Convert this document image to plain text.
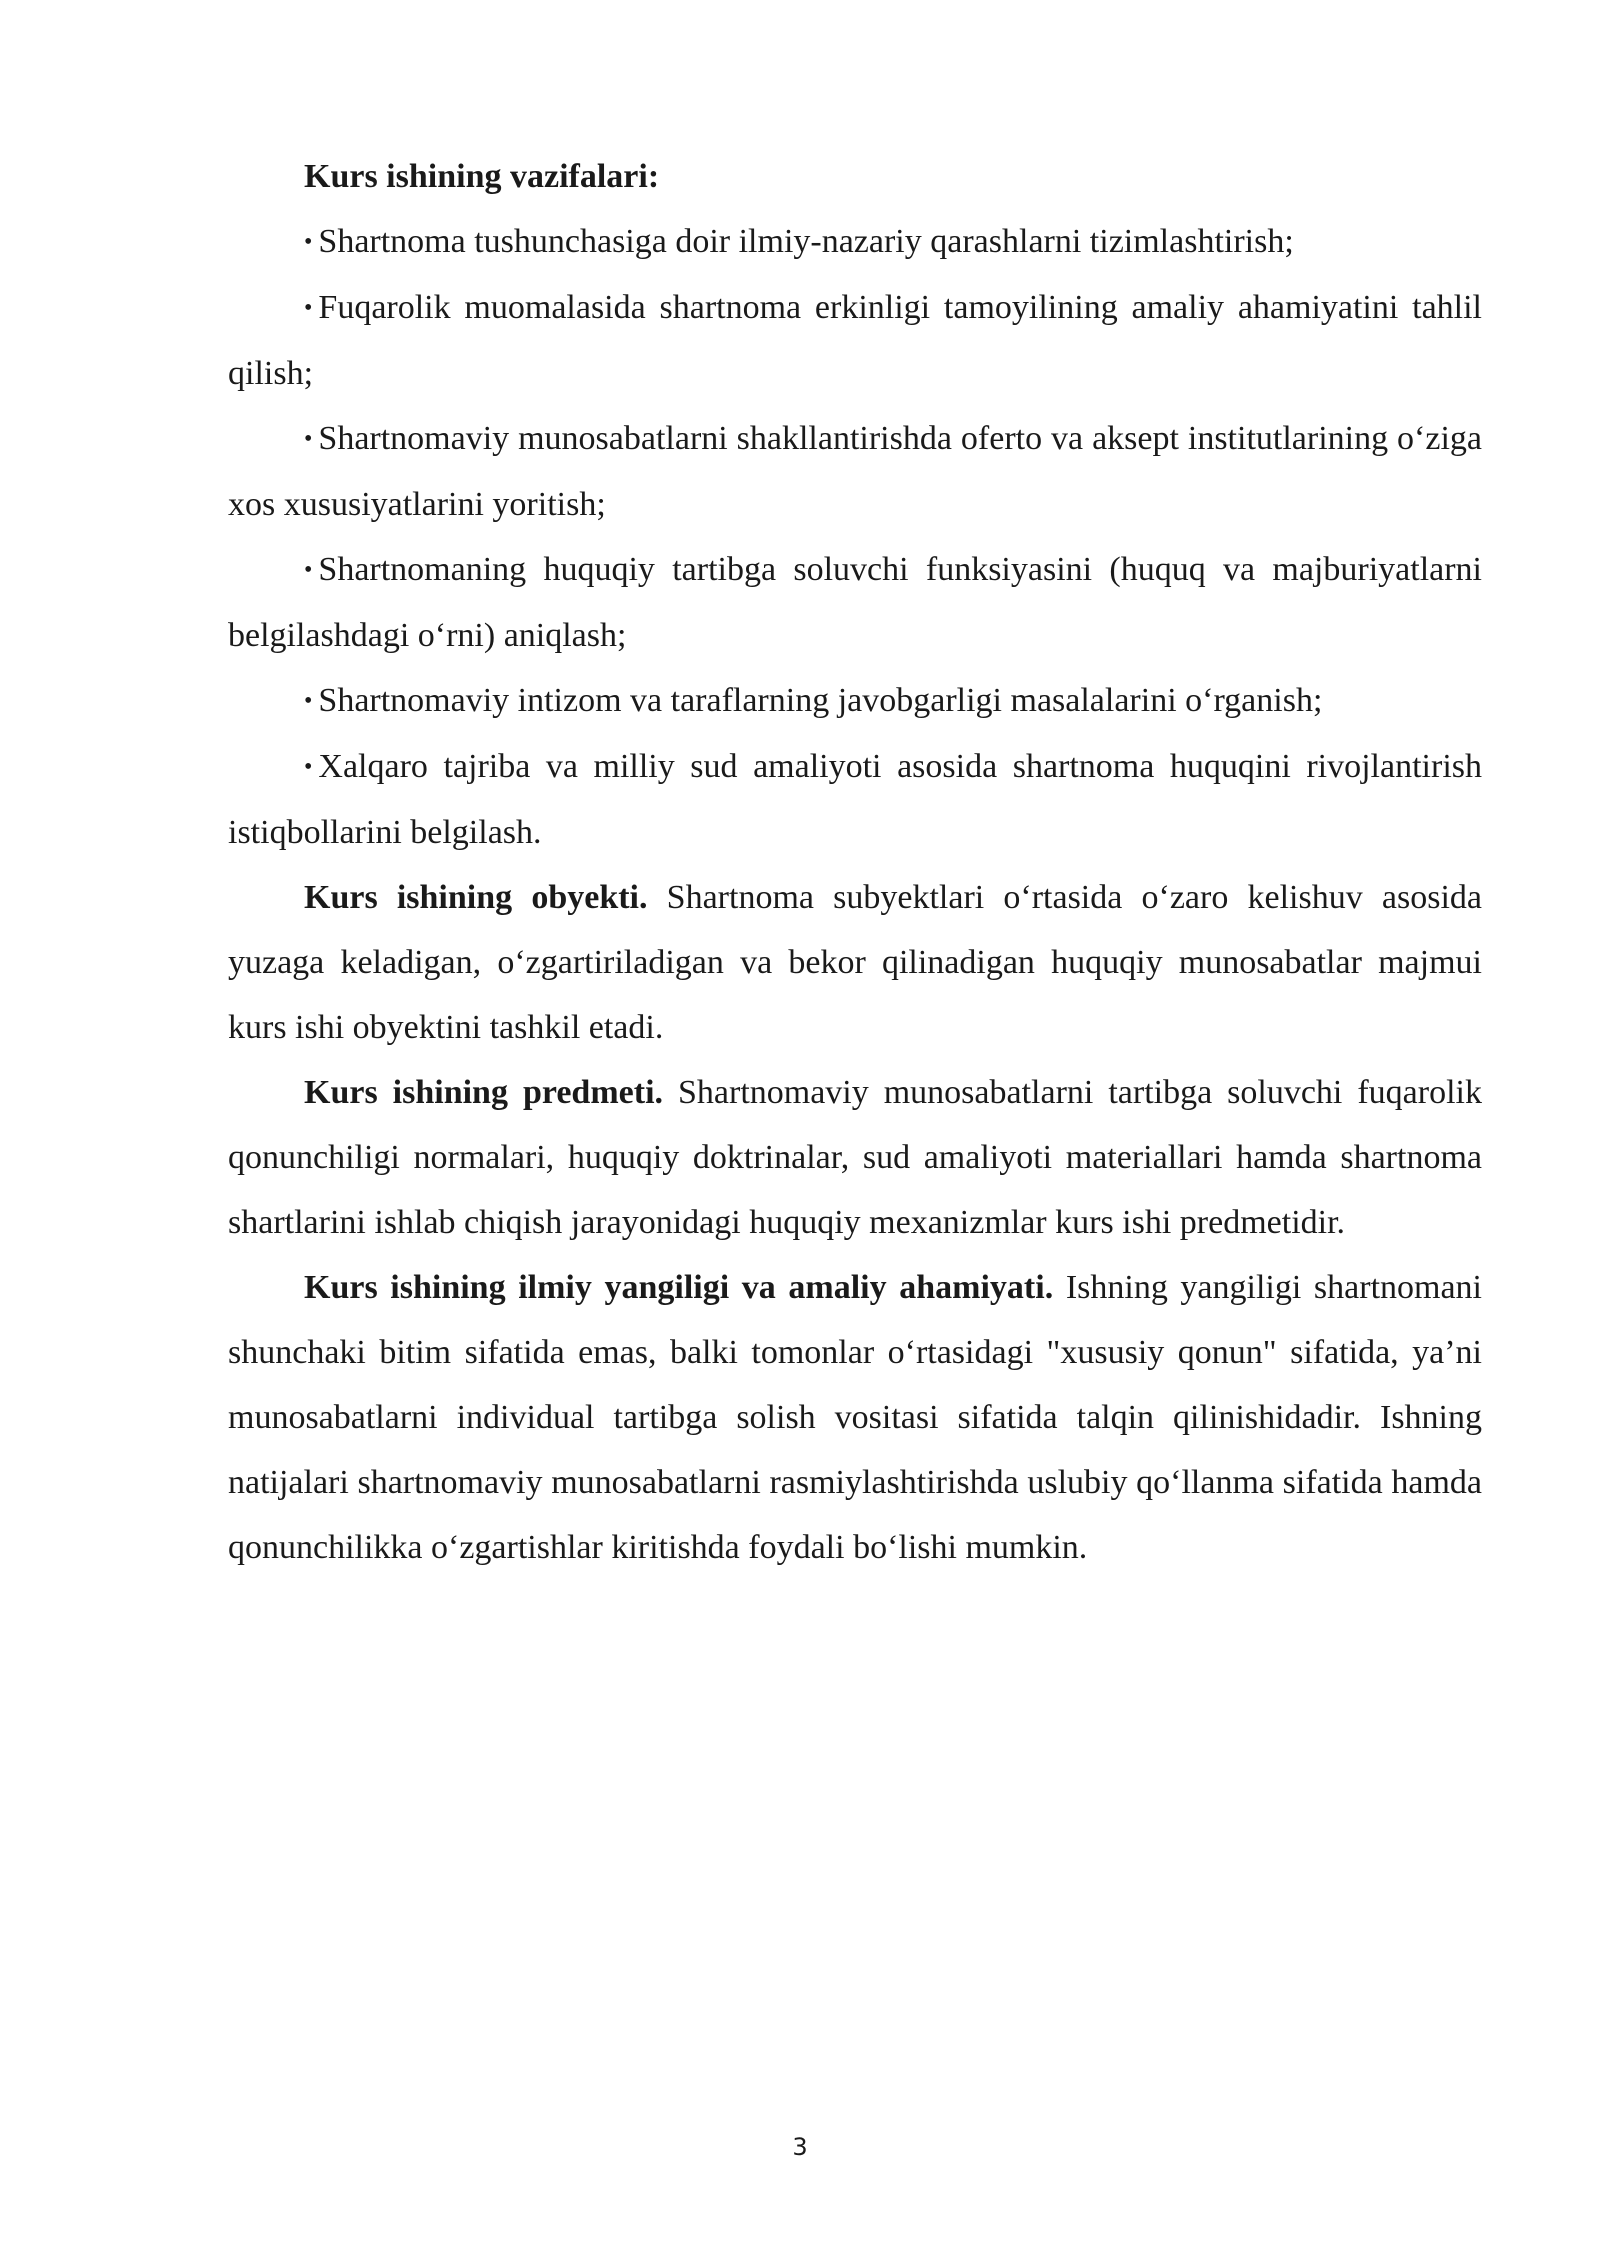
Kurs ishining vazifalari:

• Shartnoma tushunchasiga doir ilmiy-nazariy qarashlarni tizimlashtirish;

• Fuqarolik muomalasida shartnoma erkinligi tamoyilining amaliy ahamiyatini tahlil qilish;

• Shartnomaviy munosabatlarni shakllantirishda oferto va aksept institutlarining o‘ziga xos xususiyatlarini yoritish;

• Shartnomaning huquqiy tartibga soluvchi funksiyasini (huquq va majburiyatlarni belgilashdagi o‘rni) aniqlash;

• Shartnomaviy intizom va taraflarning javobgarligi masalalarini o‘rganish;

• Xalqaro tajriba va milliy sud amaliyoti asosida shartnoma huquqini rivojlantirish istiqbollarini belgilash.

Kurs ishining obyekti. Shartnoma subyektlari o‘rtasida o‘zaro kelishuv asosida yuzaga keladigan, o‘zgartiriladigan va bekor qilinadigan huquqiy munosabatlar majmui kurs ishi obyektini tashkil etadi.

Kurs ishining predmeti. Shartnomaviy munosabatlarni tartibga soluvchi fuqarolik qonunchiligi normalari, huquqiy doktrinalar, sud amaliyoti materiallari hamda shartnoma shartlarini ishlab chiqish jarayonidagi huquqiy mexanizmlar kurs ishi predmetidir.

Kurs ishining ilmiy yangiligi va amaliy ahamiyati. Ishning yangiligi shartnomani shunchaki bitim sifatida emas, balki tomonlar o‘rtasidagi "xususiy qonun" sifatida, ya’ni munosabatlarni individual tartibga solish vositasi sifatida talqin qilinishidadir. Ishning natijalari shartnomaviy munosabatlarni rasmiylashtirishda uslubiy qo‘llanma sifatida hamda qonunchilikka o‘zgartishlar kiritishda foydali bo‘lishi mumkin.

3
